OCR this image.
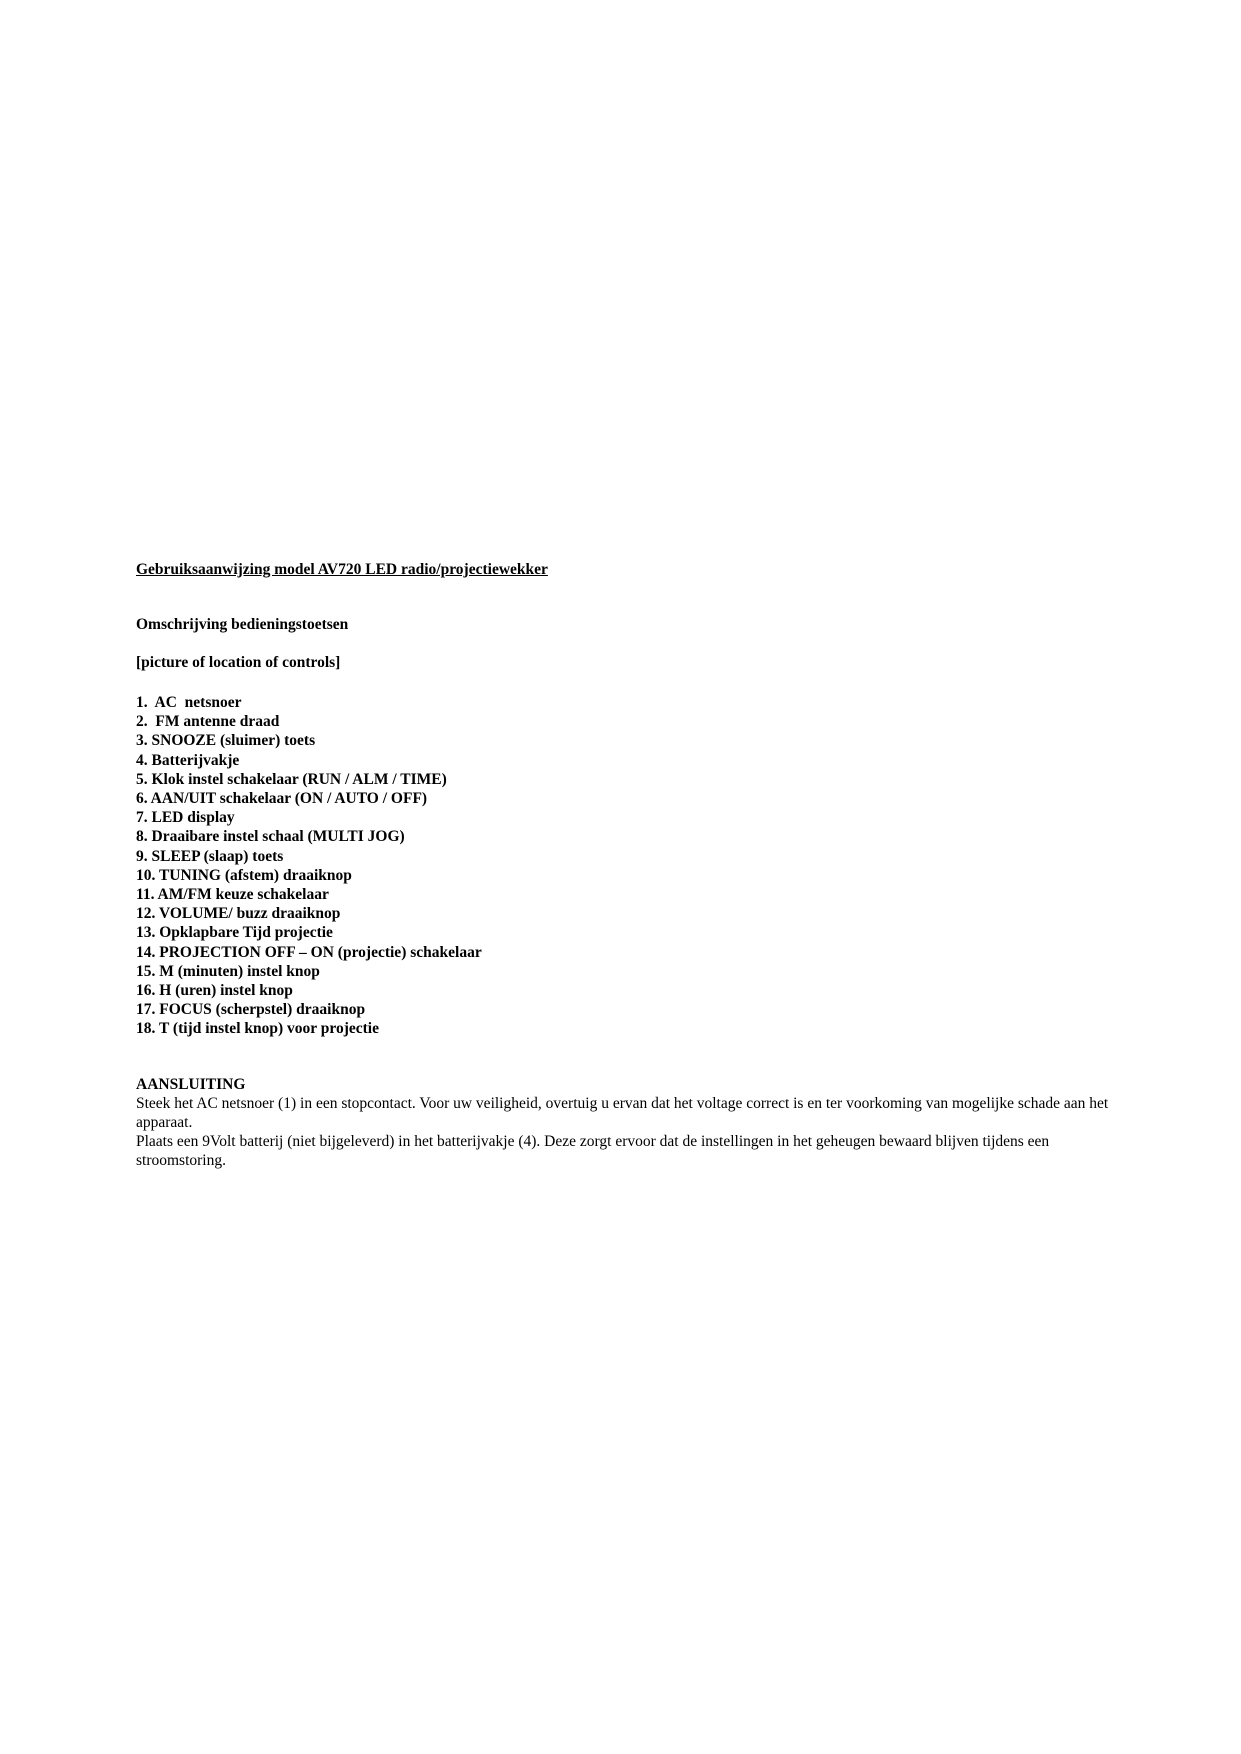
Gebruiksaanwijzing model AV720 LED radio/projectiewekker

Omschrijving bedieningstoetsen

[picture of location of controls]

1.  AC  netsnoer
2.  FM antenne draad
3. SNOOZE (sluimer) toets
4. Batterijvakje
5. Klok instel schakelaar (RUN / ALM / TIME)
6. AAN/UIT schakelaar (ON / AUTO / OFF)
7. LED display
8. Draaibare instel schaal (MULTI JOG)
9. SLEEP (slaap) toets
10. TUNING (afstem) draaiknop
11. AM/FM keuze schakelaar
12. VOLUME/ buzz draaiknop
13. Opklapbare Tijd projectie
14. PROJECTION OFF – ON (projectie) schakelaar
15. M (minuten) instel knop
16. H (uren) instel knop
17. FOCUS (scherpstel) draaiknop
18. T (tijd instel knop) voor projectie

AANSLUITING

Steek het AC netsnoer (1) in een stopcontact. Voor uw veiligheid, overtuig u ervan dat het voltage correct is en ter voorkoming van mogelijke schade aan het apparaat.

Plaats een 9Volt batterij (niet bijgeleverd) in het batterijvakje (4). Deze zorgt ervoor dat de instellingen in het geheugen bewaard blijven tijdens een stroomstoring.
